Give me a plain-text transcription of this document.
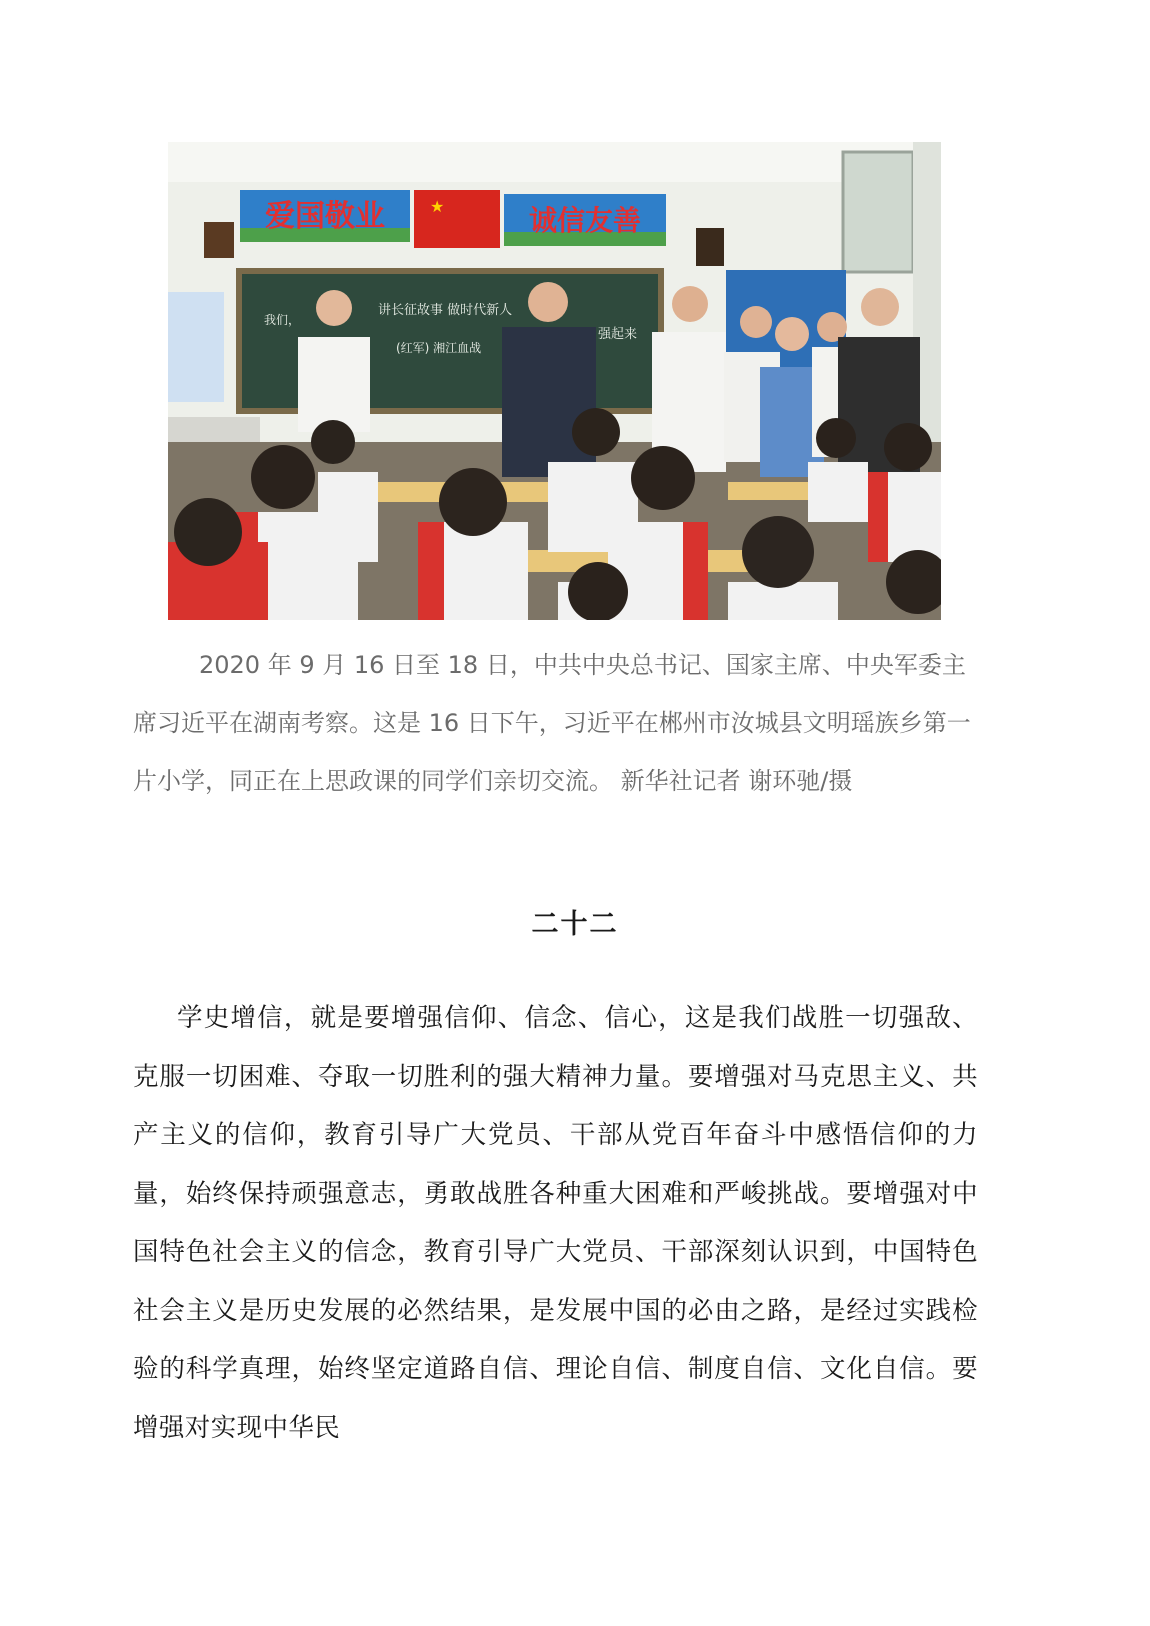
爱国敬业	★	诚信友善
讲长征故事 做时代新人
我们，
(红军) 湘江血战
强起来

2020 年 9 月 16 日至 18 日，中共中央总书记、国家主席、中央军委主席习近平在湖南考察。这是 16 日下午，习近平在郴州市汝城县文明瑶族乡第一片小学，同正在上思政课的同学们亲切交流。 新华社记者 谢环驰/摄

二十二

学史增信，就是要增强信仰、信念、信心，这是我们战胜一切强敌、克服一切困难、夺取一切胜利的强大精神力量。要增强对马克思主义、共产主义的信仰，教育引导广大党员、干部从党百年奋斗中感悟信仰的力量，始终保持顽强意志，勇敢战胜各种重大困难和严峻挑战。要增强对中国特色社会主义的信念，教育引导广大党员、干部深刻认识到，中国特色社会主义是历史发展的必然结果，是发展中国的必由之路，是经过实践检验的科学真理，始终坚定道路自信、理论自信、制度自信、文化自信。要增强对实现中华民
